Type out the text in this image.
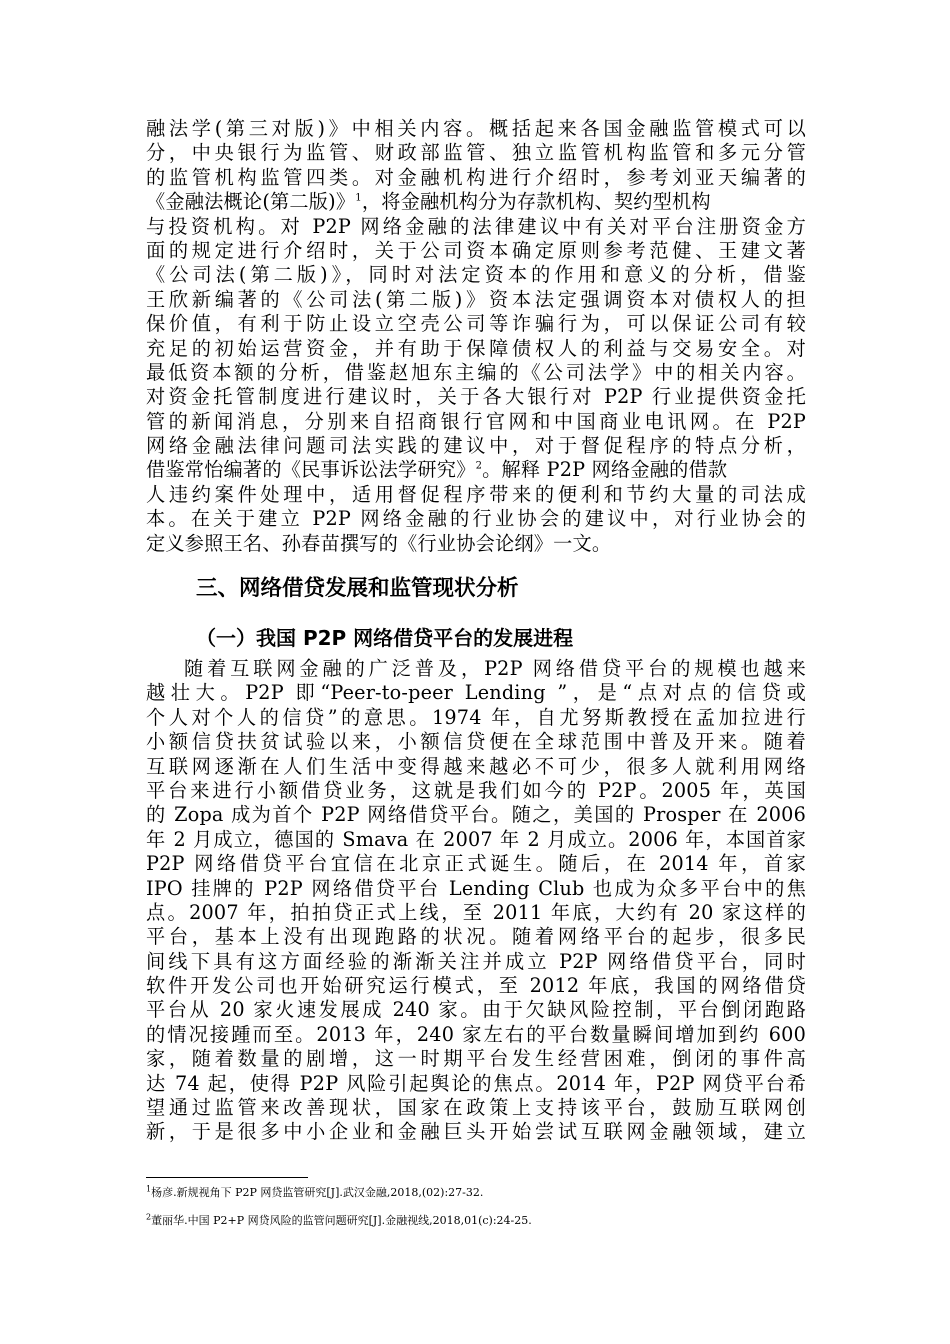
融法学(第三对版)》中相关内容。概括起来各国金融监管模式可以
分，中央银行为监管、财政部监管、独立监管机构监管和多元分管
的监管机构监管四类。对金融机构进行介绍时，参考刘亚天编著的
《金融法概论(第二版)》$^1$，将金融机构分为存款机构、契约型机构
与投资机构。对 P2P 网络金融的法律建议中有关对平台注册资金方
面的规定进行介绍时，关于公司资本确定原则参考范健、王建文著
《公司法(第二版)》，同时对法定资本的作用和意义的分析，借鉴
王欣新编著的《公司法(第二版)》资本法定强调资本对债权人的担
保价值，有利于防止设立空壳公司等诈骗行为，可以保证公司有较
充足的初始运营资金，并有助于保障债权人的利益与交易安全。对
最低资本额的分析，借鉴赵旭东主编的《公司法学》中的相关内容。
对资金托管制度进行建议时，关于各大银行对 P2P 行业提供资金托
管的新闻消息，分别来自招商银行官网和中国商业电讯网。在 P2P
网络金融法律问题司法实践的建议中，对于督促程序的特点分析，
借鉴常怡编著的《民事诉讼法学研究》$^2$。解释 P2P 网络金融的借款
人违约案件处理中，适用督促程序带来的便利和节约大量的司法成
本。在关于建立 P2P 网络金融的行业协会的建议中，对行业协会的
定义参照王名、孙春苗撰写的《行业协会论纲》一文。
三、网络借贷发展和监管现状分析
（一）我国 P2P 网络借贷平台的发展进程
随着互联网金融的广泛普及，P2P 网络借贷平台的规模也越来
越壮大。P2P 即“Peer-to-peer Lending ”，是“点对点的信贷或
个人对个人的信贷”的意思。1974 年，自尤努斯教授在孟加拉进行
小额信贷扶贫试验以来，小额信贷便在全球范围中普及开来。随着
互联网逐渐在人们生活中变得越来越必不可少，很多人就利用网络
平台来进行小额借贷业务，这就是我们如今的 P2P。2005 年，英国
的 Zopa 成为首个 P2P 网络借贷平台。随之，美国的 Prosper 在 2006
年 2 月成立，德国的 Smava 在 2007 年 2 月成立。2006 年，本国首家
P2P 网络借贷平台宜信在北京正式诞生。随后，在 2014 年，首家
IPO 挂牌的 P2P 网络借贷平台 Lending Club 也成为众多平台中的焦
点。2007 年，拍拍贷正式上线，至 2011 年底，大约有 20 家这样的
平台，基本上没有出现跑路的状况。随着网络平台的起步，很多民
间线下具有这方面经验的渐渐关注并成立 P2P 网络借贷平台，同时
软件开发公司也开始研究运行模式，至 2012 年底，我国的网络借贷
平台从 20 家火速发展成 240 家。由于欠缺风险控制，平台倒闭跑路
的情况接踵而至。2013 年，240 家左右的平台数量瞬间增加到约 600
家，随着数量的剧增，这一时期平台发生经营困难，倒闭的事件高
达 74 起，使得 P2P 风险引起舆论的焦点。2014 年，P2P 网贷平台希
望通过监管来改善现状，国家在政策上支持该平台，鼓励互联网创
新，于是很多中小企业和金融巨头开始尝试互联网金融领域，建立
$^1$杨彦.新规视角下 P2P 网贷监管研究[J].武汉金融,2018,(02):27-32.
$^2$董丽华.中国 P2+P 网贷风险的监管问题研究[J].金融视线,2018,01(c):24-25.
